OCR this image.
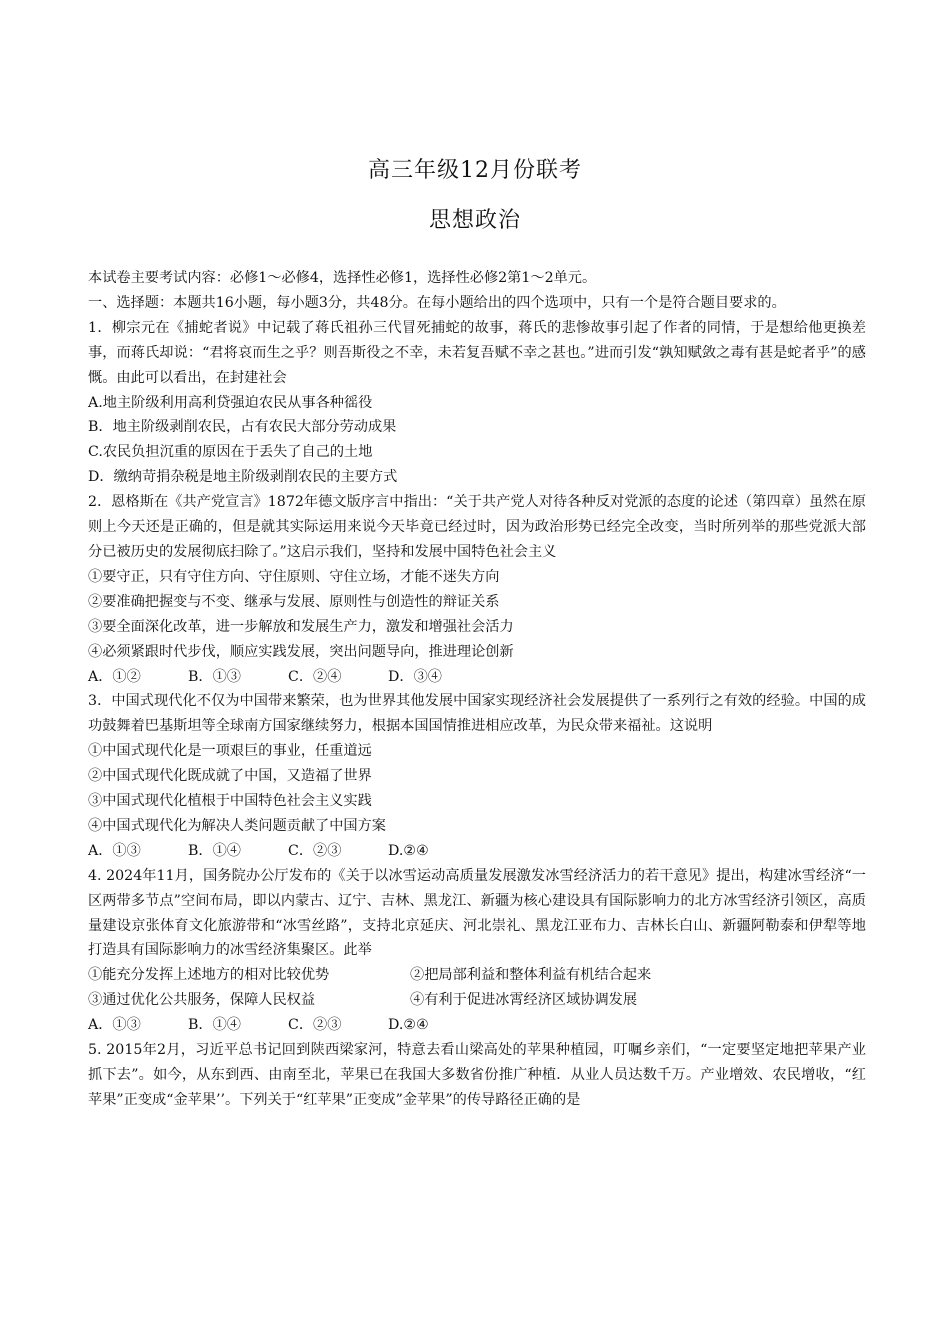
高三年级12月份联考
思想政治

本试卷主要考试内容：必修1～必修4，选择性必修1，选择性必修2第1～2单元。

一、选择题：本题共16小题，每小题3分，共48分。在每小题给出的四个选项中，只有一个是符合题目要求的。

1．柳宗元在《捕蛇者说》中记载了蒋氏祖孙三代冒死捕蛇的故事，蒋氏的悲惨故事引起了作者的同情，于是想给他更换差事，而蒋氏却说：“君将哀而生之乎？则吾斯役之不幸，未若复吾赋不幸之甚也。”进而引发“孰知赋敛之毒有甚是蛇者乎”的感慨。由此可以看出，在封建社会

A.地主阶级利用高利贷强迫农民从事各种徭役

B．地主阶级剥削农民，占有农民大部分劳动成果

C.农民负担沉重的原因在于丢失了自己的土地

D．缴纳苛捐杂税是地主阶级剥削农民的主要方式

2．恩格斯在《共产党宣言》1872年德文版序言中指出：“关于共产党人对待各种反对党派的态度的论述（第四章）虽然在原则上今天还是正确的，但是就其实际运用来说今天毕竟已经过时，因为政治形势已经完全改变，当时所列举的那些党派大部分已被历史的发展彻底扫除了。”这启示我们，坚持和发展中国特色社会主义

①要守正，只有守住方向、守住原则、守住立场，才能不迷失方向

②要准确把握变与不变、继承与发展、原则性与创造性的辩证关系

③要全面深化改革，进一步解放和发展生产力，激发和增强社会活力

④必须紧跟时代步伐，顺应实践发展，突出问题导向，推进理论创新

A．①②	B．①③	C．②④	D．③④

3．中国式现代化不仅为中国带来繁荣，也为世界其他发展中国家实现经济社会发展提供了一系列行之有效的经验。中国的成功鼓舞着巴基斯坦等全球南方国家继续努力，根据本国国情推进相应改革，为民众带来福祉。这说明

①中国式现代化是一项艰巨的事业，任重道远

②中国式现代化既成就了中国，又造福了世界

③中国式现代化植根于中国特色社会主义实践

④中国式现代化为解决人类问题贡献了中国方案

A．①③	B．①④	C．②③	D.②④

4. 2024年11月，国务院办公厅发布的《关于以冰雪运动高质量发展激发冰雪经济活力的若干意见》提出，构建冰雪经济“一区两带多节点”空间布局，即以内蒙古、辽宁、吉林、黑龙江、新疆为核心建设具有国际影响力的北方冰雪经济引领区，高质量建设京张体育文化旅游带和“冰雪丝路”，支持北京延庆、河北崇礼、黑龙江亚布力、吉林长白山、新疆阿勒泰和伊犁等地打造具有国际影响力的冰雪经济集聚区。此举

①能充分发挥上述地方的相对比较优势	②把局部利益和整体利益有机结合起来
③通过优化公共服务，保障人民权益	④有利于促进冰霄经济区域协调发展
A．①③	B．①④	C．②③	D.②④

5. 2015年2月，习近平总书记回到陕西梁家河，特意去看山梁高处的苹果种植园，叮嘱乡亲们，“一定要坚定地把苹果产业抓下去”。如今，从东到西、由南至北，苹果已在我国大多数省份推广种植．从业人员达数千万。产业增效、农民增收，“红苹果”正变成“金苹果’’。下列关于“红苹果”正变成”金苹果”的传导路径正确的是
